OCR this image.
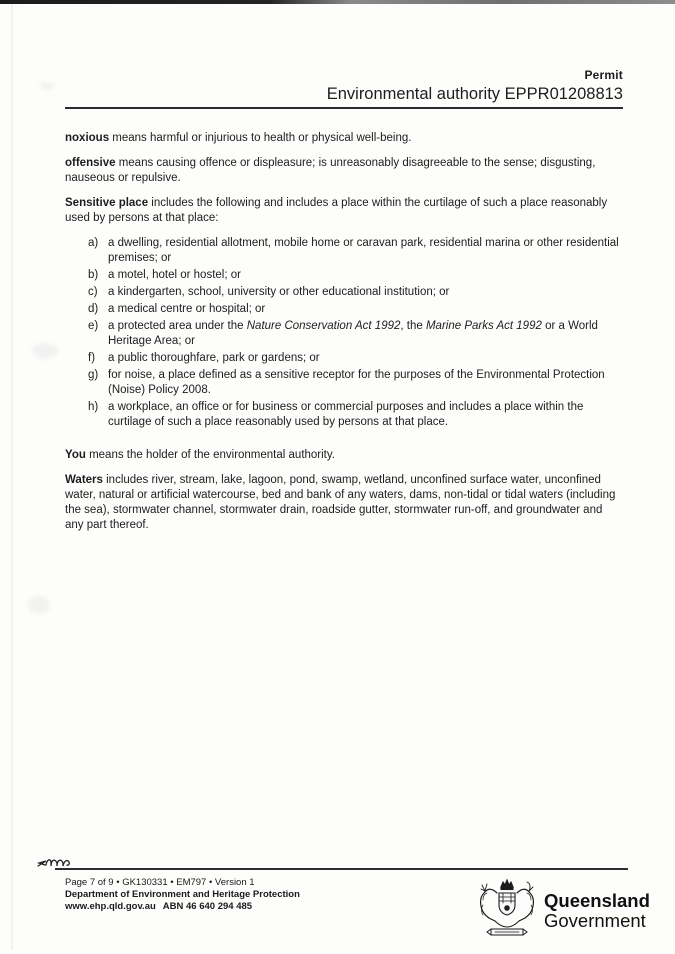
Permit
Environmental authority EPPR01208813

noxious means harmful or injurious to health or physical well-being.

offensive means causing offence or displeasure; is unreasonably disagreeable to the sense; disgusting, nauseous or repulsive.

Sensitive place includes the following and includes a place within the curtilage of such a place reasonably used by persons at that place:

a) a dwelling, residential allotment, mobile home or caravan park, residential marina or other residential premises; or
b) a motel, hotel or hostel; or
c) a kindergarten, school, university or other educational institution; or
d) a medical centre or hospital; or
e) a protected area under the Nature Conservation Act 1992, the Marine Parks Act 1992 or a World Heritage Area; or
f)	a public thoroughfare, park or gardens; or
g) for noise, a place defined as a sensitive receptor for the purposes of the Environmental Protection (Noise) Policy 2008.
h) a workplace, an office or for business or commercial purposes and includes a place within the curtilage of such a place reasonably used by persons at that place.

You means the holder of the environmental authority.

Waters includes river, stream, lake, lagoon, pond, swamp, wetland, unconfined surface water, unconfined water, natural or artificial watercourse, bed and bank of any waters, dams, non-tidal or tidal waters (including the sea), stormwater channel, stormwater drain, roadside gutter, stormwater run-off, and groundwater and any part thereof.

Page 7 of 9 • GK130331 • EM797 • Version 1
Department of Environment and Heritage Protection
www.ehp.qld.gov.au ABN 46 640 294 485	Queensland
Government
